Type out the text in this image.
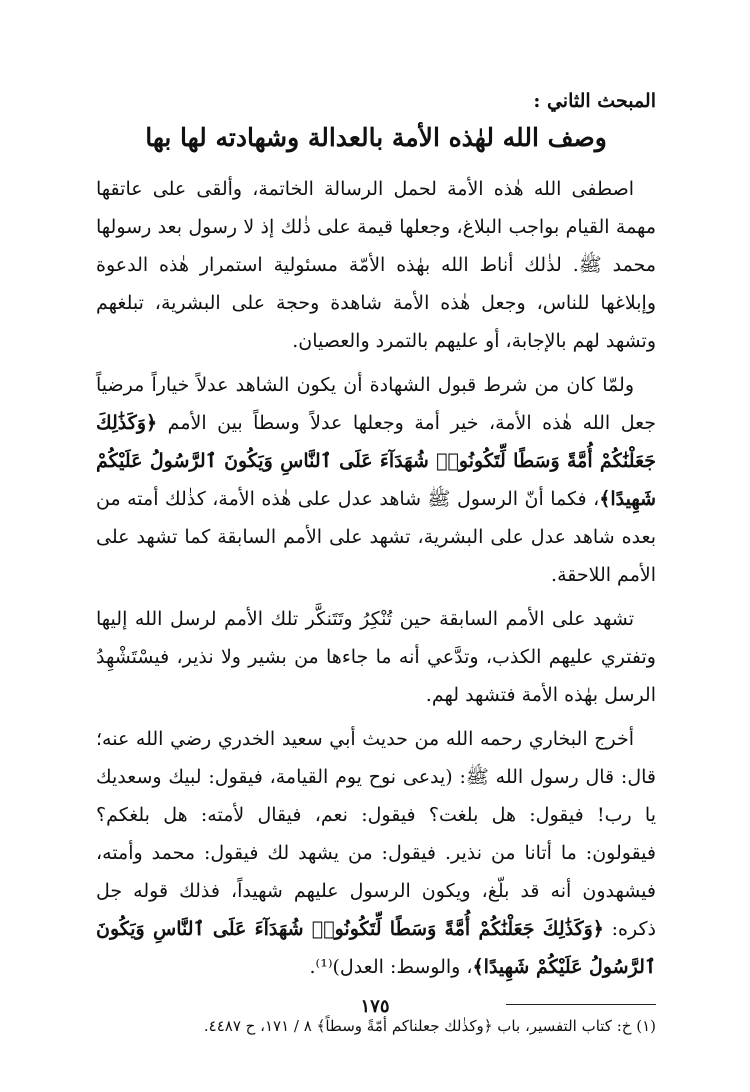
المبحث الثاني :

وصف الله لهٰذه الأمة بالعدالة وشهادته لها بها

اصطفى الله هٰذه الأمة لحمل الرسالة الخاتمة، وألقى على عاتقها مهمة القيام بواجب البلاغ، وجعلها قيمة على ذٰلك إذ لا رسول بعد رسولها محمد ﷺ. لذٰلك أناط الله بهٰذه الأمّة مسئولية استمرار هٰذه الدعوة وإبلاغها للناس، وجعل هٰذه الأمة شاهدة وحجة على البشرية، تبلغهم وتشهد لهم بالإجابة، أو عليهم بالتمرد والعصيان.

ولمّا كان من شرط قبول الشهادة أن يكون الشاهد عدلاً خياراً مرضياً جعل الله هٰذه الأمة، خير أمة وجعلها عدلاً وسطاً بين الأمم ﴿وَكَذَٰلِكَ جَعَلْنَٰكُمْ أُمَّةً وَسَطًا لِّتَكُونُوا۟ شُهَدَآءَ عَلَى ٱلنَّاسِ وَيَكُونَ ٱلرَّسُولُ عَلَيْكُمْ شَهِيدًا﴾، فكما أنّ الرسول ﷺ شاهد عدل على هٰذه الأمة، كذٰلك أمته من بعده شاهد عدل على البشرية، تشهد على الأمم السابقة كما تشهد على الأمم اللاحقة.

تشهد على الأمم السابقة حين تُنْكِرُ وتَتَنكَّر تلك الأمم لرسل الله إليها وتفتري عليهم الكذب، وتدَّعي أنه ما جاءها من بشير ولا نذير، فيسْتَشْهِدُ الرسل بهٰذه الأمة فتشهد لهم.

أخرج البخاري رحمه الله من حديث أبي سعيد الخدري رضي الله عنه؛ قال: قال رسول الله ﷺ: (يدعى نوح يوم القيامة، فيقول: لبيك وسعديك يا رب! فيقول: هل بلغت؟ فيقول: نعم، فيقال لأمته: هل بلغكم؟ فيقولون: ما أتانا من نذير. فيقول: من يشهد لك فيقول: محمد وأمته، فيشهدون أنه قد بلّغ، ويكون الرسول عليهم شهيداً، فذلك قوله جل ذكره: ﴿وَكَذَٰلِكَ جَعَلْنَٰكُمْ أُمَّةً وَسَطًا لِّتَكُونُوا۟ شُهَدَآءَ عَلَى ٱلنَّاسِ وَيَكُونَ ٱلرَّسُولُ عَلَيْكُمْ شَهِيدًا﴾، والوسط: العدل)⁽¹⁾.

(١) خ: كتاب التفسير، باب ﴿وكذٰلك جعلناكم أمّةً وسطاً﴾ ٨ / ١٧١، ح ٤٤٨٧.

١٧٥
